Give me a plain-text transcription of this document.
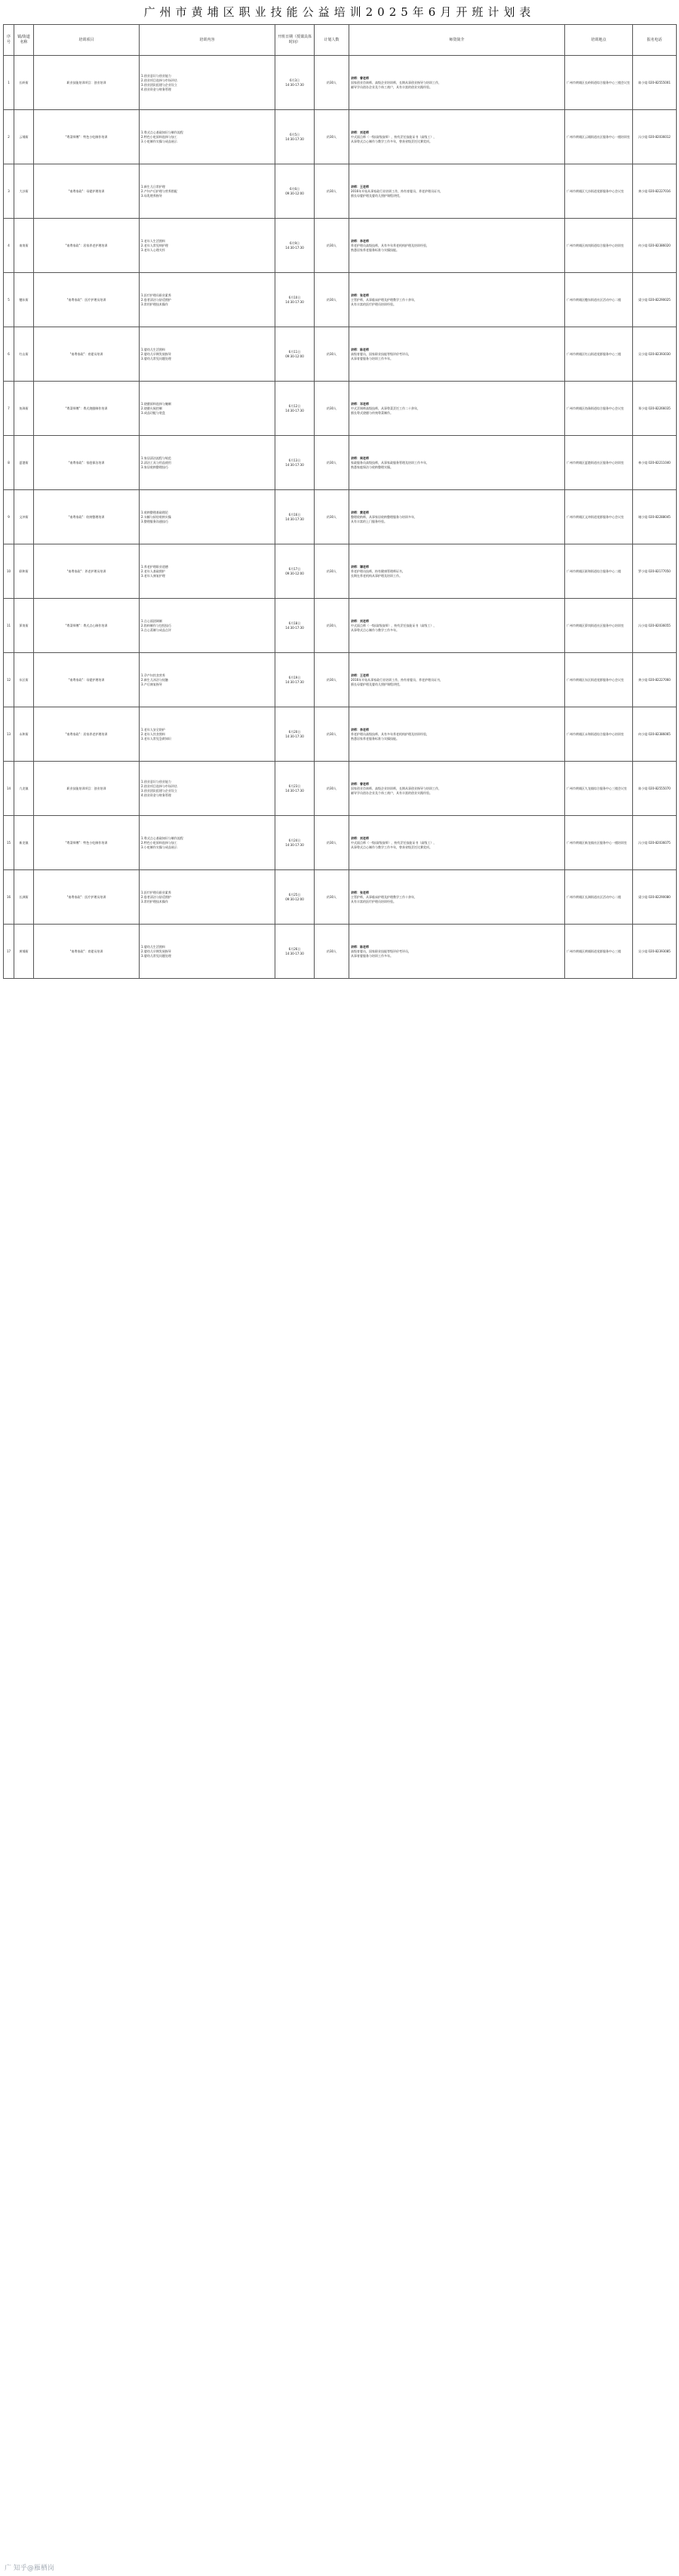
广州市黄埔区职业技能公益培训2025年6月开班计划表
序号	镇/街道名称	培训项目	培训内容	开班日期（授课具体时间）	计划人数	师资简介	培训地点	报名电话
1	长岭街	职业技能培训项目：创业培训	1.创业意识与创业能力
2.创业项目选择与市场评估
3.创业团队组建与企业设立
4.创业资金与财务管理	6月3日
14:30-17:30	约30人	讲师：曾老师
国家创业咨询师、高级企业培训师，长期从事创业指导与培训工作，
辅导学员创办企业及个体工商户，具有丰富的创业实践经验。	广州市黄埔区长岭街道综合服务中心三楼会议室	陈小姐 020-82555001
2	云埔街	"粤菜师傅"：特色小吃制作培训	1.粤式点心基础知识与制作流程
2.特色小吃原料选择与加工
3.小吃制作实操与成品展示	6月5日
14:30-17:30	约30人	讲师：刘老师
中式面点师（一级/高级技师），持有烹饪技能证书（高级工），
从事粤式点心制作与教学工作多年，曾获省级烹饪比赛奖项。	广州市黄埔区云埔街道社区服务中心一楼培训室	冯小姐 020-82036012
3	大沙街	"南粤家政"：母婴护理培训	1.新生儿日常护理
2.产妇产后护理与营养搭配
3.母乳喂养指导	6月6日
09:30-12:00	约30人	讲师：王老师
2016年开始从事家政行业培训工作，持有育婴员、养老护理员证书，
擅长母婴护理及婴幼儿照护课程讲授。	广州市黄埔区大沙街道党群服务中心会议室	黄小姐 020-82227016
4	南岗街	"南粤家政"：居家养老护理培训	1.老年人生活照料
2.老年人常见病护理
3.老年人心理关怀	6月9日
14:30-17:30	约30人	讲师：李老师
养老护理员高级技师，具有多年养老机构护理及培训经验，
熟悉居家养老服务标准与实操技能。	广州市黄埔区南岗街道综合服务中心培训室	何小姐 020-82386020
5	穗东街	"南粤家政"：医疗护理员培训	1.医疗护理员职业素养
2.患者清洁与舒适照护
3.常用护理技术操作	6月10日
14:30-17:30	约30人	讲师：张老师
主管护师，从事临床护理及护理教学工作十余年，
具有丰富的医疗护理员培训经验。	广州市黄埔区穗东街道社区活动中心二楼	梁小姐 020-82290025
6	红山街	"南粤家政"：育婴员培训	1.婴幼儿生活照料
2.婴幼儿早期发展指导
3.婴幼儿常见问题处理	6月11日
09:30-12:00	约30人	讲师：陈老师
高级育婴员，国家职业技能等级评价考评员，
从事育婴服务与培训工作多年。	广州市黄埔区红山街道党群服务中心三楼	吴小姐 020-82393030
7	鱼珠街	"粤菜师傅"：粤式烧腊制作培训	1.烧腊原料选择与腌制
2.烧腊火候控制
3.成品切配与装盘	6月12日
14:30-17:30	约30人	讲师：邓老师
中式烹调师高级技师，从事粤菜烹饪工作二十余年，
擅长粤式烧腊与传统粤菜制作。	广州市黄埔区鱼珠街道综合服务中心会议室	郑小姐 020-82266035
8	夏港街	"南粤家政"：家庭保洁培训	1.家居清洁流程与规范
2.清洁工具与用品使用
3.家居收纳整理技巧	6月13日
14:30-17:30	约30人	讲师：周老师
家政服务员高级技师，从事家政服务管理及培训工作多年，
熟悉家庭保洁与收纳整理实操。	广州市黄埔区夏港街道社区服务中心培训室	林小姐 020-82211040
9	文冲街	"南粤家政"：收纳整理培训	1.收纳整理基础理论
2.衣橱与厨房收纳实操
3.整理服务沟通技巧	6月16日
14:30-17:30	约30人	讲师：黄老师
整理收纳师，从事家居收纳整理服务与培训多年，
具有丰富的上门服务经验。	广州市黄埔区文冲街道党群服务中心会议室	谢小姐 020-82288045
10	联和街	"南粤家政"：养老护理员培训	1.养老护理职业道德
2.老年人基础照护
3.老年人康复护理	6月17日
09:30-12:00	约30人	讲师：谭老师
养老护理员技师，持有健康管理师证书，
长期在养老机构从事护理及培训工作。	广州市黄埔区联和街道综合服务中心二楼	罗小姐 020-82177050
11	萝岗街	"粤菜师傅"：粤式点心制作培训	1.点心面团调制
2.馅料制作与包捏技巧
3.点心蒸制与成品点评	6月18日
14:30-17:30	约30人	讲师：刘老师
中式面点师（一级/高级技师），持有烹饪技能证书（高级工），
从事粤式点心制作与教学工作多年。	广州市黄埔区萝岗街道社区服务中心培训室	冯小姐 020-82036055
12	东区街	"南粤家政"：母婴护理培训	1.孕产妇饮食营养
2.新生儿沐浴与抚触
3.产后康复指导	6月19日
14:30-17:30	约30人	讲师：王老师
2016年开始从事家政行业培训工作，持有育婴员、养老护理员证书，
擅长母婴护理及婴幼儿照护课程讲授。	广州市黄埔区东区街道党群服务中心会议室	黄小姐 020-82227060
13	永和街	"南粤家政"：居家养老护理培训	1.老年人安全防护
2.老年人饮食照料
3.老年人常见急救知识	6月20日
14:30-17:30	约30人	讲师：李老师
养老护理员高级技师，具有多年养老机构护理及培训经验，
熟悉居家养老服务标准与实操技能。	广州市黄埔区永和街道综合服务中心培训室	何小姐 020-82386065
14	九龙镇	职业技能培训项目：创业培训	1.创业意识与创业能力
2.创业项目选择与市场评估
3.创业团队组建与企业设立
4.创业资金与财务管理	6月23日
14:30-17:30	约30人	讲师：曾老师
国家创业咨询师、高级企业培训师，长期从事创业指导与培训工作，
辅导学员创办企业及个体工商户，具有丰富的创业实践经验。	广州市黄埔区九龙镇综合服务中心三楼会议室	陈小姐 020-82555070
15	新龙镇	"粤菜师傅"：特色小吃制作培训	1.粤式点心基础知识与制作流程
2.特色小吃原料选择与加工
3.小吃制作实操与成品展示	6月24日
14:30-17:30	约30人	讲师：刘老师
中式面点师（一级/高级技师），持有烹饪技能证书（高级工），
从事粤式点心制作与教学工作多年，曾获省级烹饪比赛奖项。	广州市黄埔区新龙镇社区服务中心一楼培训室	冯小姐 020-82036075
16	长洲街	"南粤家政"：医疗护理员培训	1.医疗护理员职业素养
2.患者清洁与舒适照护
3.常用护理技术操作	6月25日
09:30-12:00	约30人	讲师：张老师
主管护师，从事临床护理及护理教学工作十余年，
具有丰富的医疗护理员培训经验。	广州市黄埔区长洲街道社区活动中心二楼	梁小姐 020-82290080
17	黄埔街	"南粤家政"：育婴员培训	1.婴幼儿生活照料
2.婴幼儿早期发展指导
3.婴幼儿常见问题处理	6月26日
14:30-17:30	约30人	讲师：陈老师
高级育婴员，国家职业技能等级评价考评员，
从事育婴服务与培训工作多年。	广州市黄埔区黄埔街道党群服务中心三楼	吴小姐 020-82393085
广 知乎@雁栖岗
